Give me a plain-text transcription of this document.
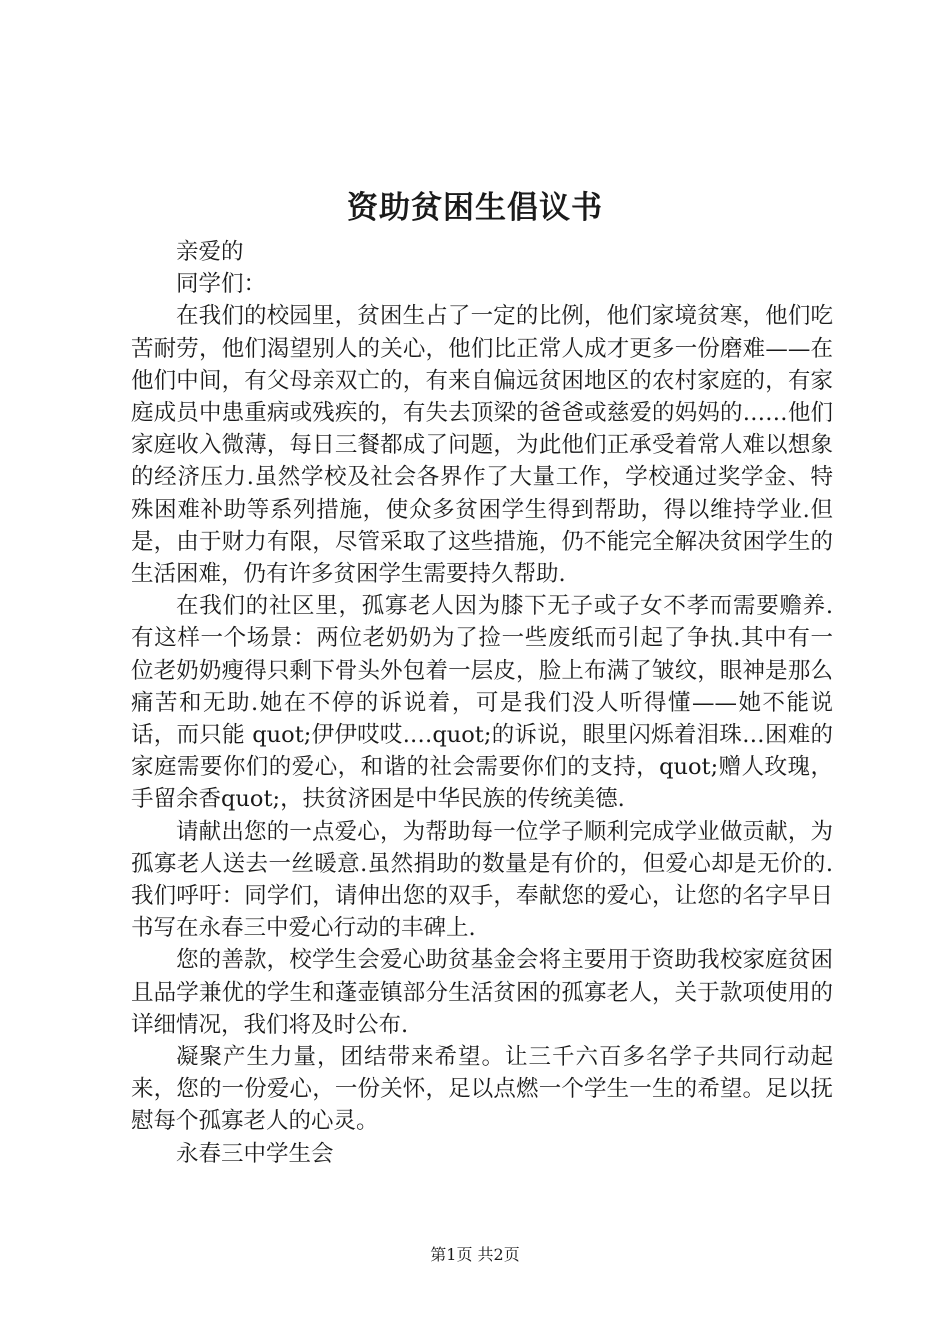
资助贫困生倡议书

亲爱的

同学们：

在我们的校园里，贫困生占了一定的比例，他们家境贫寒，他们吃苦耐劳，他们渴望别人的关心，他们比正常人成才更多一份磨难——在他们中间，有父母亲双亡的，有来自偏远贫困地区的农村家庭的，有家庭成员中患重病或残疾的，有失去顶梁的爸爸或慈爱的妈妈的……他们家庭收入微薄，每日三餐都成了问题，为此他们正承受着常人难以想象的经济压力.虽然学校及社会各界作了大量工作，学校通过奖学金、特殊困难补助等系列措施，使众多贫困学生得到帮助，得以维持学业.但是，由于财力有限，尽管采取了这些措施，仍不能完全解决贫困学生的生活困难，仍有许多贫困学生需要持久帮助.

在我们的社区里，孤寡老人因为膝下无子或子女不孝而需要赡养.有这样一个场景：两位老奶奶为了捡一些废纸而引起了争执.其中有一位老奶奶瘦得只剩下骨头外包着一层皮，脸上布满了皱纹，眼神是那么痛苦和无助.她在不停的诉说着，可是我们没人听得懂——她不能说话，而只能 quot;伊伊哎哎.…quot;的诉说，眼里闪烁着泪珠…困难的家庭需要你们的爱心，和谐的社会需要你们的支持，quot;赠人玫瑰，手留余香quot;，扶贫济困是中华民族的传统美德.

请献出您的一点爱心，为帮助每一位学子顺利完成学业做贡献，为孤寡老人送去一丝暖意.虽然捐助的数量是有价的，但爱心却是无价的.我们呼吁：同学们，请伸出您的双手，奉献您的爱心，让您的名字早日书写在永春三中爱心行动的丰碑上.

您的善款，校学生会爱心助贫基金会将主要用于资助我校家庭贫困且品学兼优的学生和蓬壶镇部分生活贫困的孤寡老人，关于款项使用的详细情况，我们将及时公布.

凝聚产生力量，团结带来希望。让三千六百多名学子共同行动起来，您的一份爱心，一份关怀，足以点燃一个学生一生的希望。足以抚慰每个孤寡老人的心灵。

永春三中学生会

第1页 共2页
